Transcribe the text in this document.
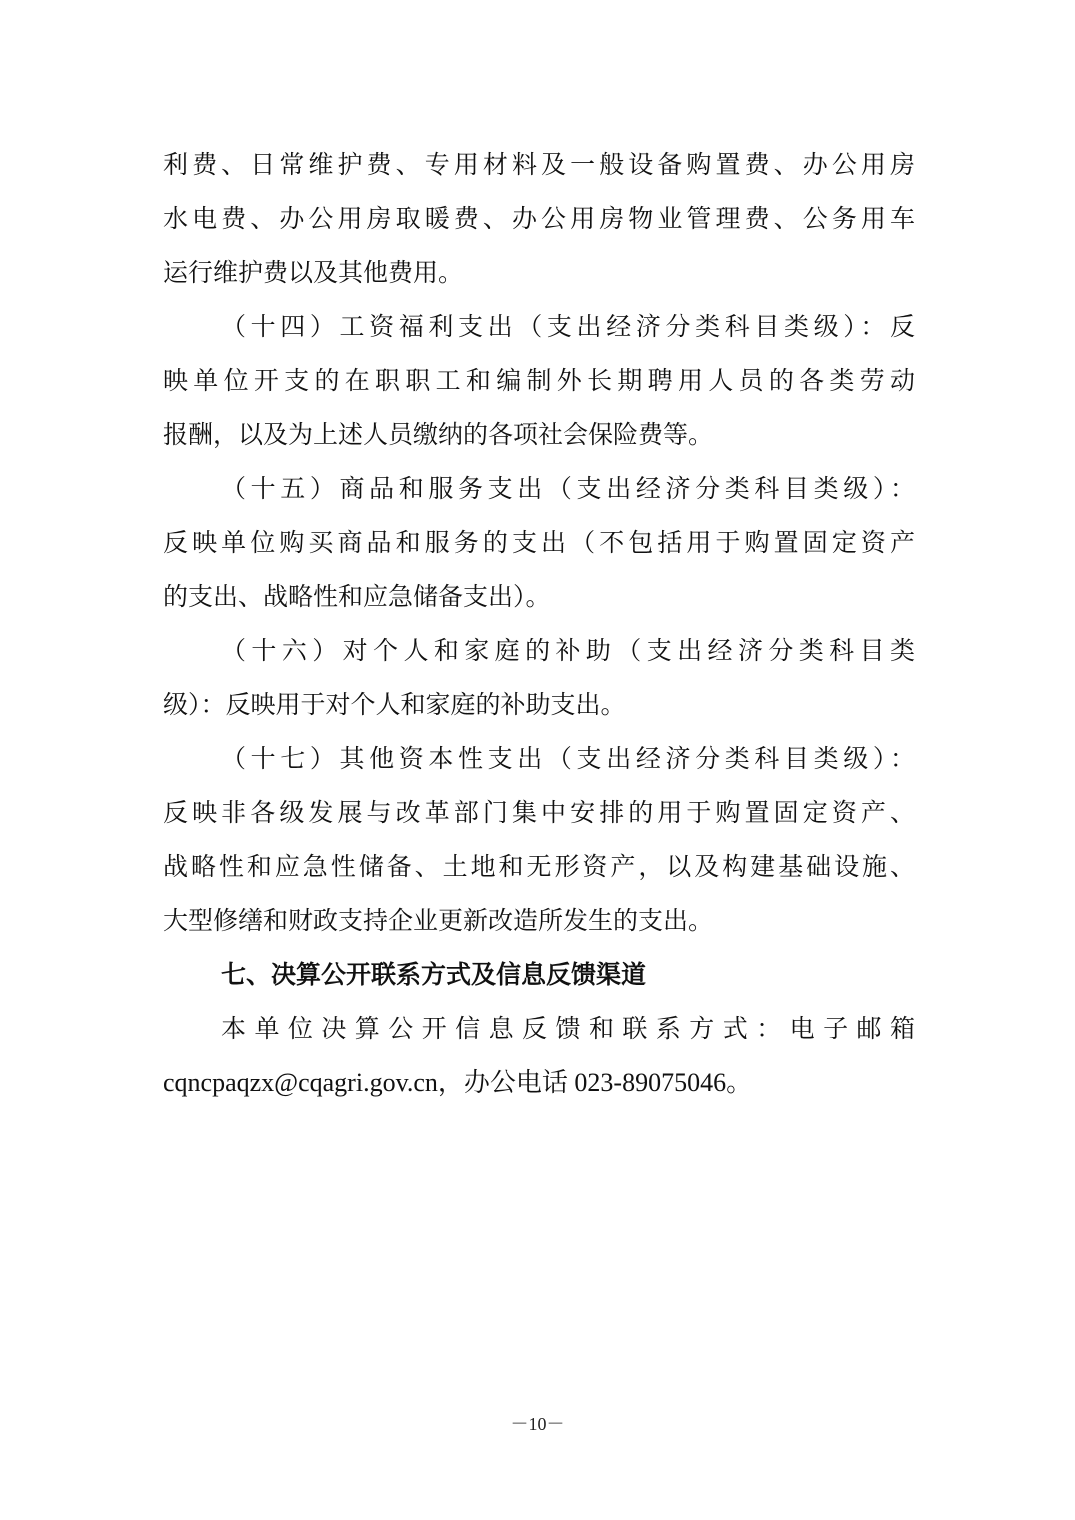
利费、日常维护费、专用材料及一般设备购置费、办公用房
水电费、办公用房取暖费、办公用房物业管理费、公务用车
运行维护费以及其他费用。
（十四）工资福利支出（支出经济分类科目类级）：反
映单位开支的在职职工和编制外长期聘用人员的各类劳动
报酬，以及为上述人员缴纳的各项社会保险费等。
（十五）商品和服务支出（支出经济分类科目类级）：
反映单位购买商品和服务的支出（不包括用于购置固定资产
的支出、战略性和应急储备支出）。
（十六）对个人和家庭的补助（支出经济分类科目类
级）：反映用于对个人和家庭的补助支出。
（十七）其他资本性支出（支出经济分类科目类级）：
反映非各级发展与改革部门集中安排的用于购置固定资产、
战略性和应急性储备、土地和无形资产，以及构建基础设施、
大型修缮和财政支持企业更新改造所发生的支出。
七、决算公开联系方式及信息反馈渠道
本单位决算公开信息反馈和联系方式：电子邮箱
cqncpaqzx@cqagri.gov.cn，办公电话 023-89075046。
－10－
